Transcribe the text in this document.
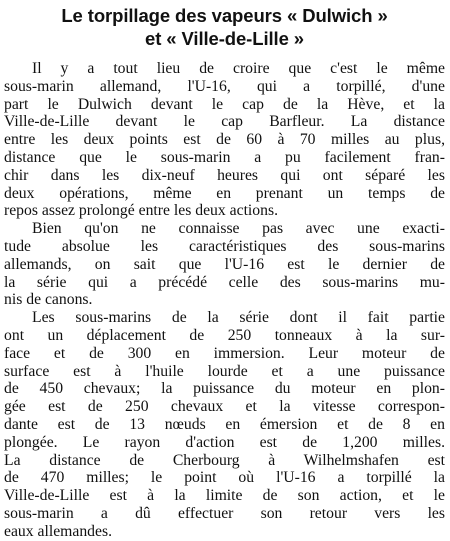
Le torpillage des vapeurs « Dulwich »
et « Ville-de-Lille »

Il y a tout lieu de croire que c'est le même
sous-marin allemand, l'U-16, qui a torpillé, d'une
part le Dulwich devant le cap de la Hève, et la
Ville-de-Lille devant le cap Barfleur. La distance
entre les deux points est de 60 à 70 milles au plus,
distance que le sous-marin a pu facilement fran-
chir dans les dix-neuf heures qui ont séparé les
deux opérations, même en prenant un temps de
repos assez prolongé entre les deux actions.

Bien qu'on ne connaisse pas avec une exacti-
tude absolue les caractéristiques des sous-marins
allemands, on sait que l'U-16 est le dernier de
la série qui a précédé celle des sous-marins mu-
nis de canons.

Les sous-marins de la série dont il fait partie
ont un déplacement de 250 tonneaux à la sur-
face et de 300 en immersion. Leur moteur de
surface est à l'huile lourde et a une puissance
de 450 chevaux; la puissance du moteur en plon-
gée est de 250 chevaux et la vitesse correspon-
dante est de 13 nœuds en émersion et de 8 en
plongée. Le rayon d'action est de 1,200 milles.
La distance de Cherbourg à Wilhelmshafen est
de 470 milles; le point où l'U-16 a torpillé la
Ville-de-Lille est à la limite de son action, et le
sous-marin a dû effectuer son retour vers les
eaux allemandes.
